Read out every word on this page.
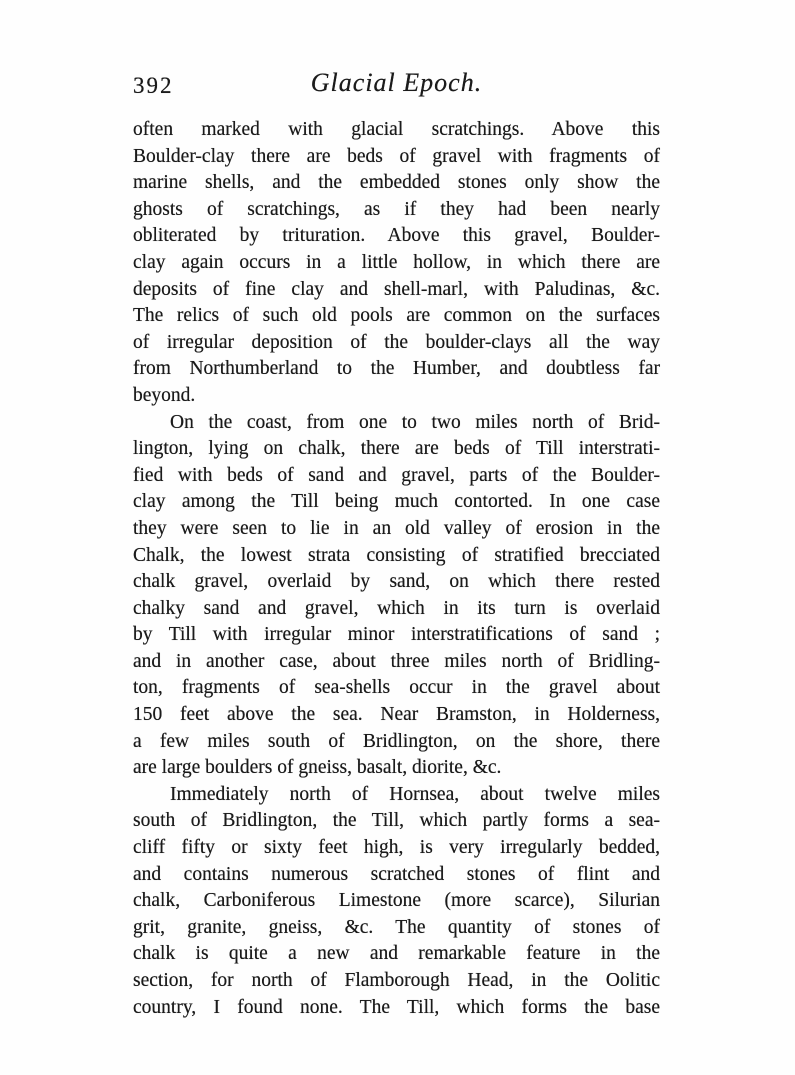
392	Glacial Epoch.
often marked with glacial scratchings. Above this
Boulder-clay there are beds of gravel with fragments of
marine shells, and the embedded stones only show the
ghosts of scratchings, as if they had been nearly
obliterated by trituration. Above this gravel, Boulder-
clay again occurs in a little hollow, in which there are
deposits of fine clay and shell-marl, with Paludinas, &c.
The relics of such old pools are common on the surfaces
of irregular deposition of the boulder-clays all the way
from Northumberland to the Humber, and doubtless far
beyond.
On the coast, from one to two miles north of Brid-
lington, lying on chalk, there are beds of Till interstrati-
fied with beds of sand and gravel, parts of the Boulder-
clay among the Till being much contorted. In one case
they were seen to lie in an old valley of erosion in the
Chalk, the lowest strata consisting of stratified brecciated
chalk gravel, overlaid by sand, on which there rested
chalky sand and gravel, which in its turn is overlaid
by Till with irregular minor interstratifications of sand ;
and in another case, about three miles north of Bridling-
ton, fragments of sea-shells occur in the gravel about
150 feet above the sea. Near Bramston, in Holderness,
a few miles south of Bridlington, on the shore, there
are large boulders of gneiss, basalt, diorite, &c.
Immediately north of Hornsea, about twelve miles
south of Bridlington, the Till, which partly forms a sea-
cliff fifty or sixty feet high, is very irregularly bedded,
and contains numerous scratched stones of flint and
chalk, Carboniferous Limestone (more scarce), Silurian
grit, granite, gneiss, &c. The quantity of stones of
chalk is quite a new and remarkable feature in the
section, for north of Flamborough Head, in the Oolitic
country, I found none. The Till, which forms the base
